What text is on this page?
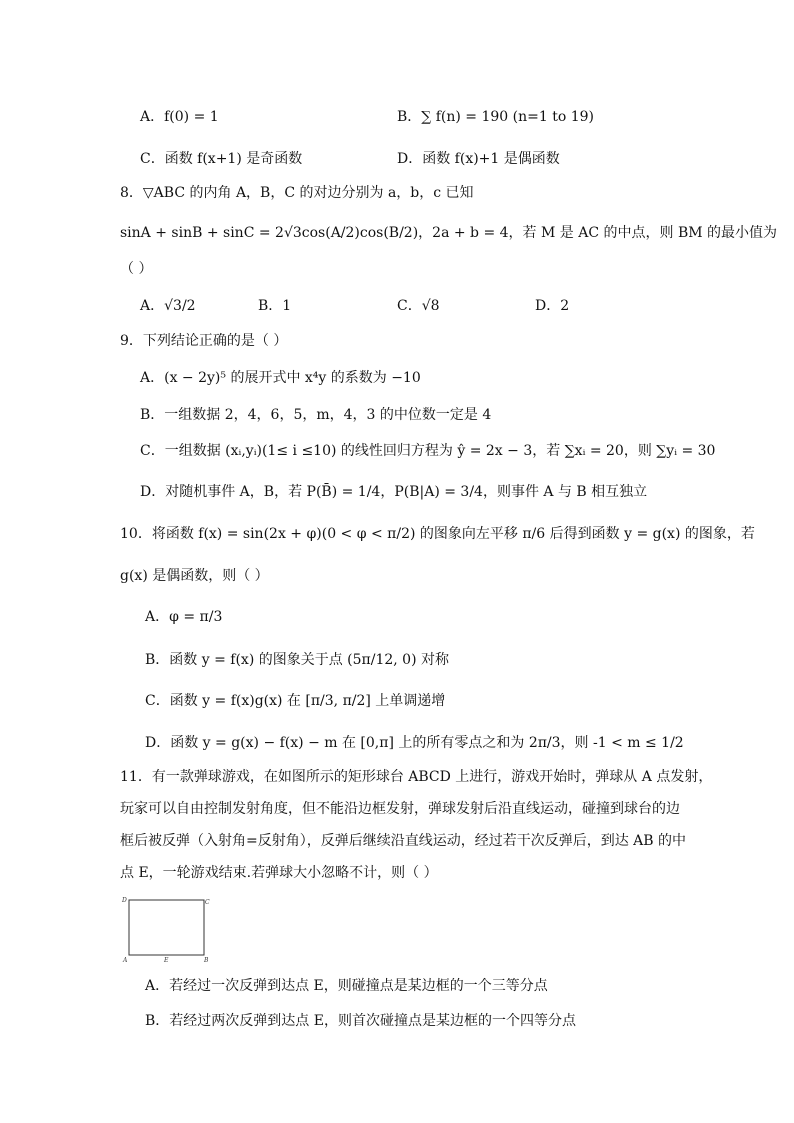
A．f(0) = 1	B．∑ f(n) = 190 (n=1 to 19)
C．函数 f(x+1) 是奇函数	D．函数 f(x)+1 是偶函数
8．▽ABC 的内角 A，B，C 的对边分别为 a，b，c 已知
sinA + sinB + sinC = 2√3cos(A/2)cos(B/2)，2a + b = 4，若 M 是 AC 的中点，则 BM 的最小值为
（ ）
A．√3/2	B．1	C．√8	D．2
9．下列结论正确的是（ ）
A．(x − 2y)⁵ 的展开式中 x⁴y 的系数为 −10
B．一组数据 2，4，6，5，m，4，3 的中位数一定是 4
C．一组数据 (xᵢ,yᵢ)(1≤ i ≤10) 的线性回归方程为 ŷ = 2x − 3，若 ∑xᵢ = 20，则 ∑yᵢ = 30
D．对随机事件 A，B，若 P(B̄) = 1/4，P(B|A) = 3/4，则事件 A 与 B 相互独立
10．将函数 f(x) = sin(2x + φ)(0 < φ < π/2) 的图象向左平移 π/6 后得到函数 y = g(x) 的图象，若
g(x) 是偶函数，则（ ）
A．φ = π/3
B．函数 y = f(x) 的图象关于点 (5π/12, 0) 对称
C．函数 y = f(x)g(x) 在 [π/3, π/2] 上单调递增
D．函数 y = g(x) − f(x) − m 在 [0,π] 上的所有零点之和为 2π/3，则 -1 < m ≤ 1/2
11．有一款弹球游戏，在如图所示的矩形球台 ABCD 上进行，游戏开始时，弹球从 A 点发射，
玩家可以自由控制发射角度，但不能沿边框发射，弹球发射后沿直线运动，碰撞到球台的边
框后被反弹（入射角=反射角），反弹后继续沿直线运动，经过若干次反弹后，到达 AB 的中
点 E，一轮游戏结束.若弹球大小忽略不计，则（ ）
D	C
A	E	B
A．若经过一次反弹到达点 E，则碰撞点是某边框的一个三等分点
B．若经过两次反弹到达点 E，则首次碰撞点是某边框的一个四等分点
